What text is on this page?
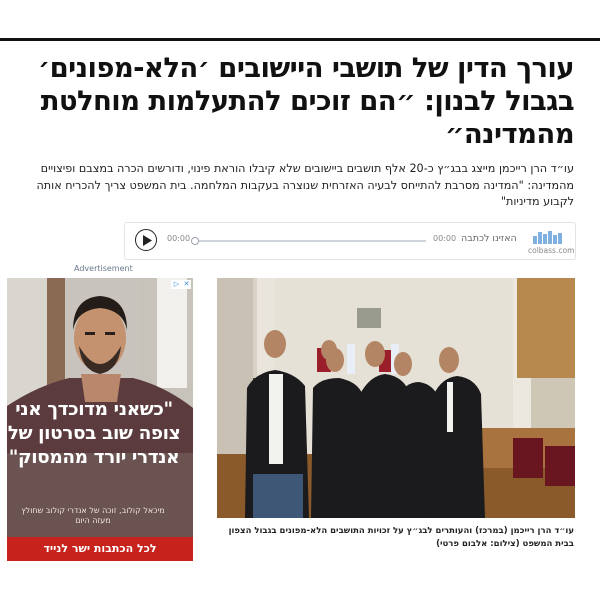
עורך הדין של תושבי היישובים ׳הלא-מפונים׳ בגבול לבנון: ״הם זוכים להתעלמות מוחלטת מהמדינה״

עו״ד הרן רייכמן מייצג בבג״ץ כ-20 אלף תושבים ביישובים שלא קיבלו הוראת פינוי, ודורשים הכרה במצבם ופיצויים מהמדינה: "המדינה מסרבת להתייחס לבעיה האזרחית שנוצרה בעקבות המלחמה. בית המשפט צריך להכריח אותה לקבוע מדיניות"

00:00	00:00 האזינו לכתבה
colbass.com
Advertisement
▷ ✕

"כשאני מדוכדך אני צופה שוב בסרטון של אנדרי יורד מהמסוק"

מיכאל קולוב, זוכה של אנדרי קולוב שחולץ מעזה היום
לכל הכתבות ישר לנייד
עו״ד הרן רייכמן (במרכז) והעותרים לבג״ץ על זכויות התושבים הלא-מפונים בגבול הצפון בבית המשפט (צילום: אלבום פרטי)
